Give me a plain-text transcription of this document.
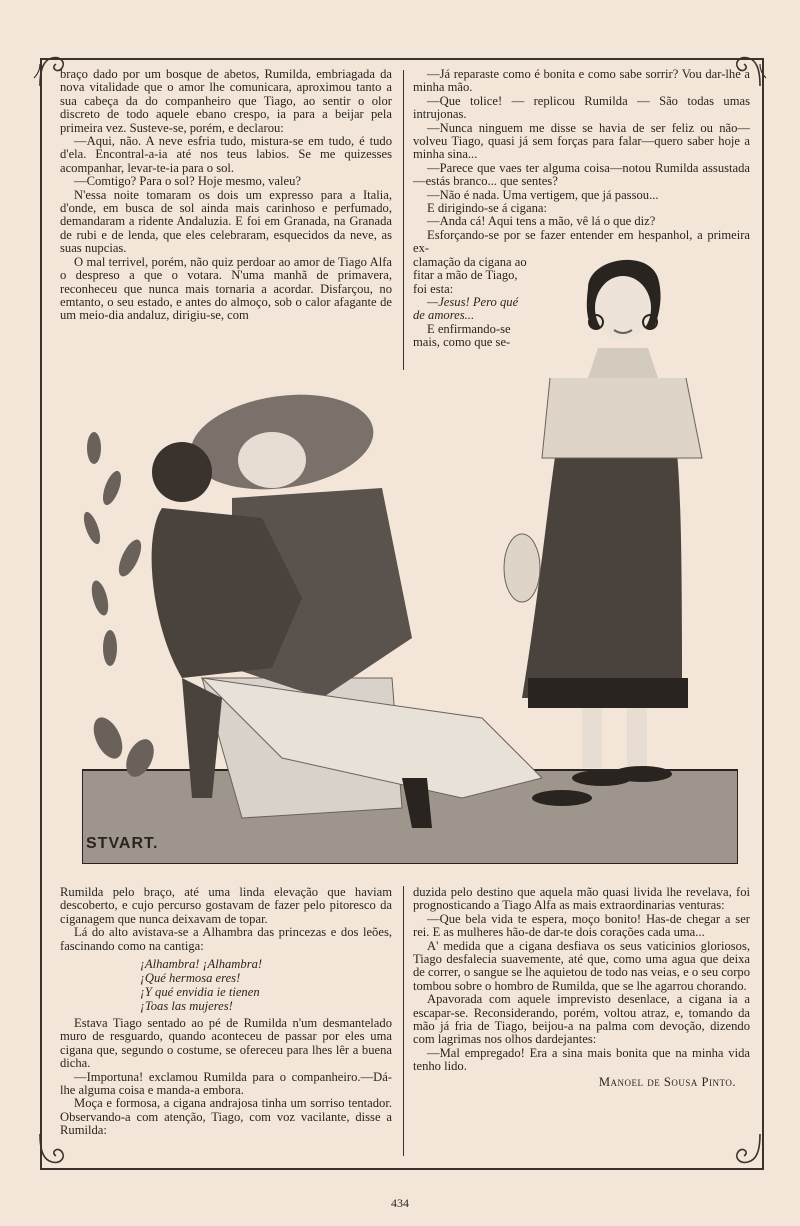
braço dado por um bosque de abetos, Rumilda, embriagada da nova vitalidade que o amor lhe comunicara, aproximou tanto a sua cabeça da do companheiro que Tiago, ao sentir o olor discreto de todo aquele ebano crespo, ia para a beijar pela primeira vez. Susteve-se, porém, e declarou:

—Aqui, não. A neve esfria tudo, mistura-se em tudo, é tudo d'ela. Encontral-a-ia até nos teus labios. Se me quizesses acompanhar, levar-te-ia para o sol.

—Comtigo? Para o sol? Hoje mesmo, valeu?

N'essa noite tomaram os dois um expresso para a Italia, d'onde, em busca de sol ainda mais carinhoso e perfumado, demandaram a ridente Andaluzia. E foi em Granada, na Granada de rubi e de lenda, que eles celebraram, esquecidos da neve, as suas nupcias.

O mal terrivel, porém, não quiz perdoar ao amor de Tiago Alfa o despreso a que o votara. N'uma manhã de primavera, reconheceu que nunca mais tornaria a acordar. Disfarçou, no emtanto, o seu estado, e antes do almoço, sob o calor afagante de um meio-dia andaluz, dirigiu-se, com

—Já reparaste como é bonita e como sabe sorrir? Vou dar-lhe a minha mão.

—Que tolice! — replicou Rumilda — São todas umas intrujonas.

—Nunca ninguem me disse se havia de ser feliz ou não—volveu Tiago, quasi já sem forças para falar—quero saber hoje a minha sina...

—Parece que vaes ter alguma coisa—notou Rumilda assustada—estás branco... que sentes?

—Não é nada. Uma vertigem, que já passou...

E dirigindo-se á cigana:

—Anda cá! Aqui tens a mão, vê lá o que diz?

Esforçando-se por se fazer entender em hespanhol, a primeira ex-

clamação da cigana ao fitar a mão de Tiago, foi esta:

—Jesus! Pero qué de amores...

E enfirmando-se mais, como que se-

STVART.

Rumilda pelo braço, até uma linda elevação que haviam descoberto, e cujo percurso gostavam de fazer pelo pitoresco da ciganagem que nunca deixavam de topar.

Lá do alto avistava-se a Alhambra das princezas e dos leões, fascinando como na cantiga:

¡Alhambra! ¡Alhambra!
¡Qué hermosa eres!
¡Y qué envidia ie tienen
¡Toas las mujeres!

Estava Tiago sentado ao pé de Rumilda n'um desmantelado muro de resguardo, quando aconteceu de passar por eles uma cigana que, segundo o costume, se ofereceu para lhes lêr a buena dicha.

—Importuna! exclamou Rumilda para o companheiro.—Dá-lhe alguma coisa e manda-a embora.

Moça e formosa, a cigana andrajosa tinha um sorriso tentador. Observando-a com atenção, Tiago, com voz vacilante, disse a Rumilda:

duzida pelo destino que aquela mão quasi livida lhe revelava, foi prognosticando a Tiago Alfa as mais extraordinarias venturas:

—Que bela vida te espera, moço bonito! Has-de chegar a ser rei. E as mulheres hão-de dar-te dois corações cada uma...

A' medida que a cigana desfiava os seus vaticinios gloriosos, Tiago desfalecia suavemente, até que, como uma agua que deixa de correr, o sangue se lhe aquietou de todo nas veias, e o seu corpo tombou sobre o hombro de Rumilda, que se lhe agarrou chorando.

Apavorada com aquele imprevisto desenlace, a cigana ia a escapar-se. Reconsiderando, porém, voltou atraz, e, tomando da mão já fria de Tiago, beijou-a na palma com devoção, dizendo com lagrimas nos olhos dardejantes:

—Mal empregado! Era a sina mais bonita que na minha vida tenho lido.

Manoel de Sousa Pinto.
434
